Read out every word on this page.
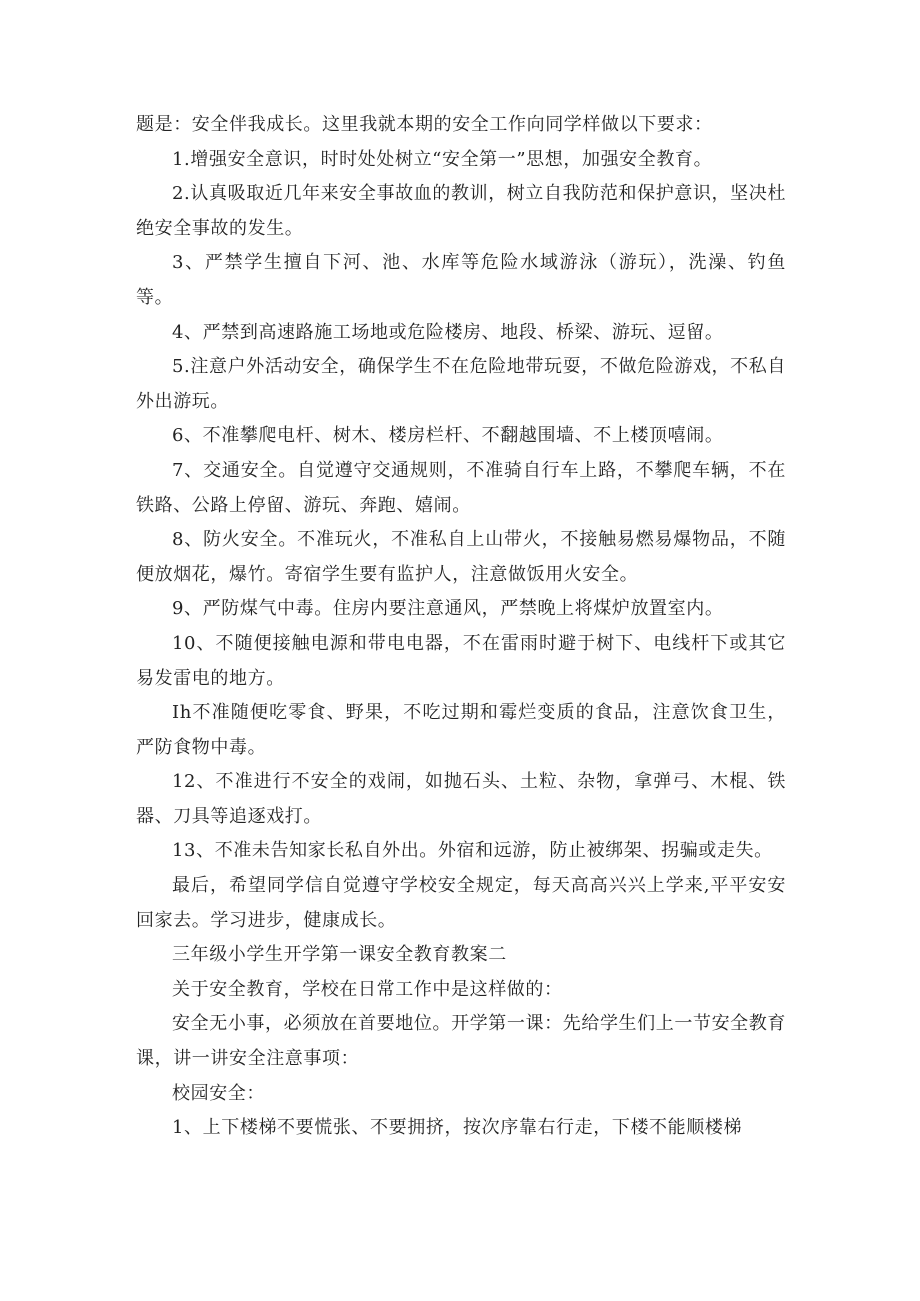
题是：安全伴我成长。这里我就本期的安全工作向同学样做以下要求：

1.增强安全意识，时时处处树立“安全第一”思想，加强安全教育。

2.认真吸取近几年来安全事故血的教训，树立自我防范和保护意识，坚决杜绝安全事故的发生。

3、严禁学生擅自下河、池、水库等危险水域游泳（游玩），洗澡、钓鱼等。

4、严禁到高速路施工场地或危险楼房、地段、桥梁、游玩、逗留。

5.注意户外活动安全，确保学生不在危险地带玩耍，不做危险游戏，不私自外出游玩。

6、不准攀爬电杆、树木、楼房栏杆、不翻越围墙、不上楼顶嘻闹。

7、交通安全。自觉遵守交通规则，不准骑自行车上路，不攀爬车辆，不在铁路、公路上停留、游玩、奔跑、嬉闹。

8、防火安全。不准玩火，不准私自上山带火，不接触易燃易爆物品，不随便放烟花，爆竹。寄宿学生要有监护人，注意做饭用火安全。

9、严防煤气中毒。住房内要注意通风，严禁晚上将煤炉放置室内。

10、不随便接触电源和带电电器，不在雷雨时避于树下、电线杆下或其它易发雷电的地方。

Ih不准随便吃零食、野果，不吃过期和霉烂变质的食品，注意饮食卫生，严防食物中毒。

12、不准进行不安全的戏闹，如抛石头、土粒、杂物，拿弹弓、木棍、铁器、刀具等追逐戏打。

13、不准未告知家长私自外出。外宿和远游，防止被绑架、拐骗或走失。

最后，希望同学信自觉遵守学校安全规定，每天高高兴兴上学来,平平安安回家去。学习进步，健康成长。

三年级小学生开学第一课安全教育教案二

关于安全教育，学校在日常工作中是这样做的：

安全无小事，必须放在首要地位。开学第一课：先给学生们上一节安全教育课，讲一讲安全注意事项：

校园安全：

1、上下楼梯不要慌张、不要拥挤，按次序靠右行走，下楼不能顺楼梯
